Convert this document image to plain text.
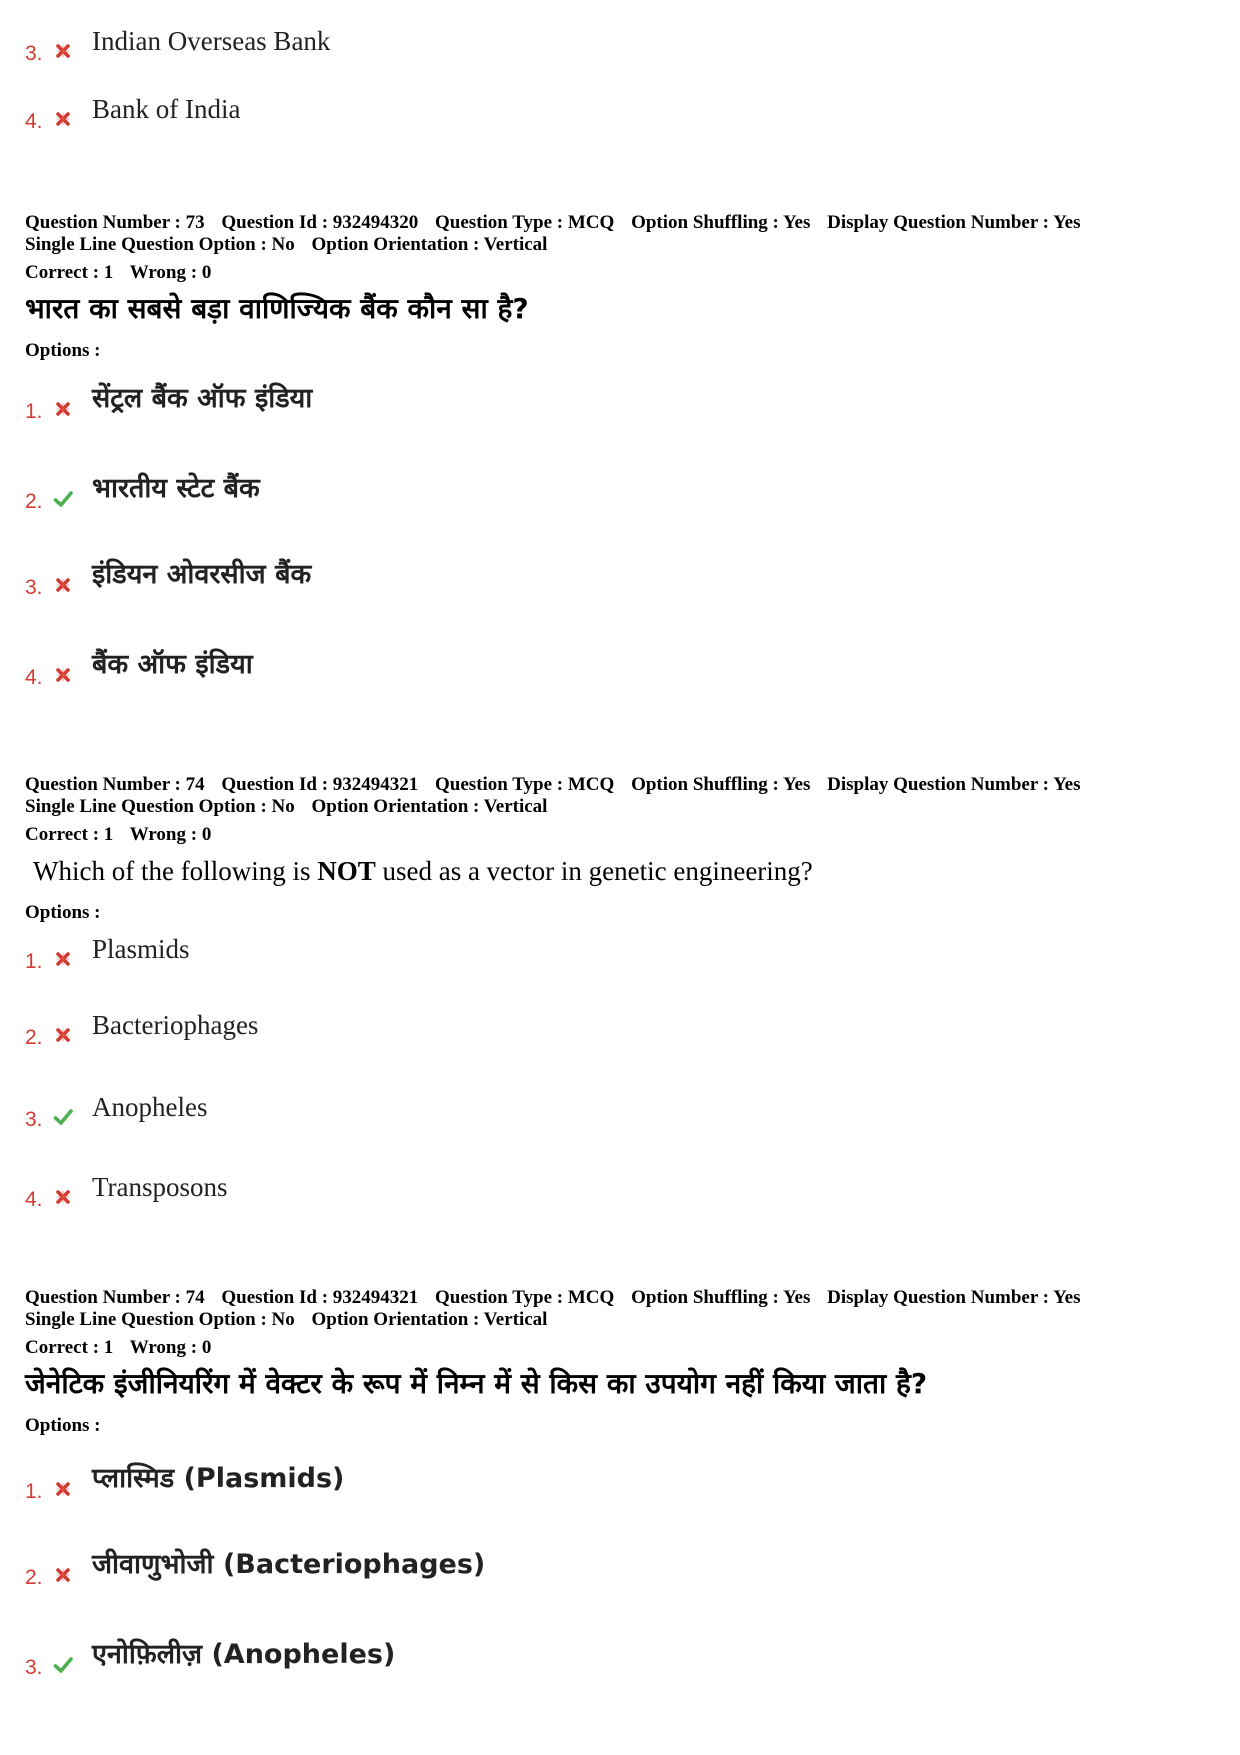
3. Indian Overseas Bank
4. Bank of India
Question Number : 73 Question Id : 932494320 Question Type : MCQ Option Shuffling : Yes Display Question Number : Yes
Single Line Question Option : No Option Orientation : Vertical
Correct : 1 Wrong : 0
भारत का सबसे बड़ा वाणिज्यिक बैंक कौन सा है?
Options :
1. सेंट्रल बैंक ऑफ इंडिया
2. भारतीय स्टेट बैंक
3. इंडियन ओवरसीज बैंक
4. बैंक ऑफ इंडिया
Question Number : 74 Question Id : 932494321 Question Type : MCQ Option Shuffling : Yes Display Question Number : Yes
Single Line Question Option : No Option Orientation : Vertical
Correct : 1 Wrong : 0
Which of the following is NOT used as a vector in genetic engineering?
Options :
1. Plasmids
2. Bacteriophages
3. Anopheles
4. Transposons
Question Number : 74 Question Id : 932494321 Question Type : MCQ Option Shuffling : Yes Display Question Number : Yes
Single Line Question Option : No Option Orientation : Vertical
Correct : 1 Wrong : 0
जेनेटिक इंजीनियरिंग में वेक्टर के रूप में निम्न में से किस का उपयोग नहीं किया जाता है?
Options :
1. प्लास्मिड (Plasmids)
2. जीवाणुभोजी (Bacteriophages)
3. एनोफ़िलीज़ (Anopheles)
